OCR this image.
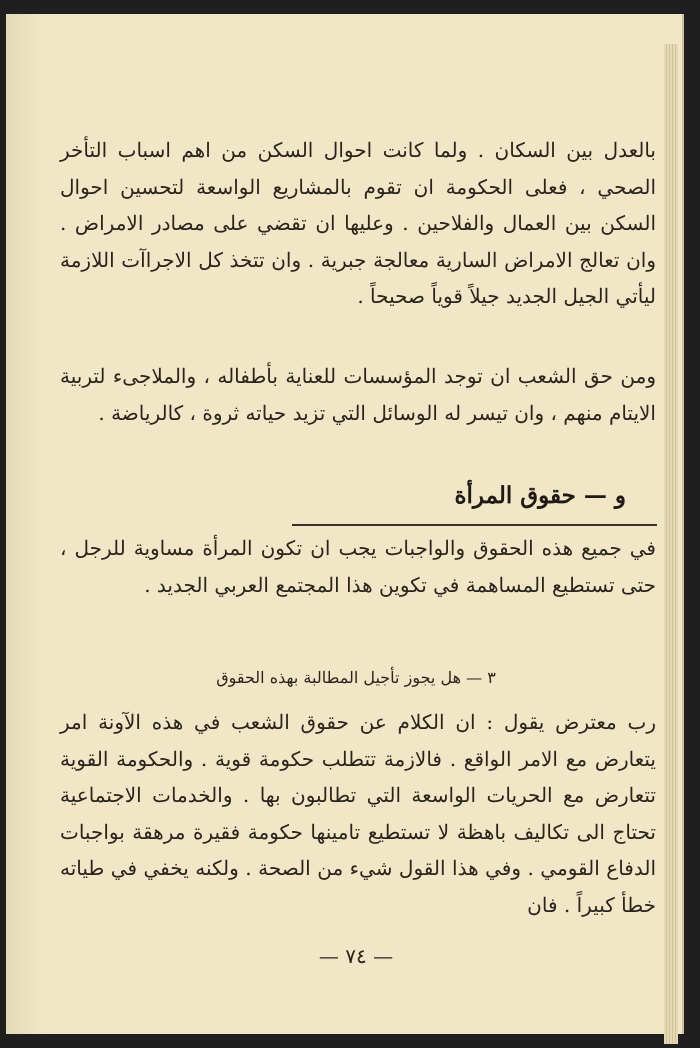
بالعدل بين السكان . ولما كانت احوال السكن من اهم اسباب التأخر الصحي ، فعلى الحكومة ان تقوم بالمشاريع الواسعة لتحسين احوال السكن بين العمال والفلاحين . وعليها ان تقضي على مصادر الامراض . وان تعالج الامراض السارية معالجة جبرية . وان تتخذ كل الاجراآت اللازمة ليأتي الجيل الجديد جيلاً قوياً صحيحاً .

ومن حق الشعب ان توجد المؤسسات للعناية بأطفاله ، والملاجىء لتربية الايتام منهم ، وان تيسر له الوسائل التي تزيد حياته ثروة ، كالرياضة .

و — حقوق المرأة

في جميع هذه الحقوق والواجبات يجب ان تكون المرأة مساوية للرجل ، حتى تستطيع المساهمة في تكوين هذا المجتمع العربي الجديد .

٣ — هل يجوز تأجيل المطالبة بهذه الحقوق

رب معترض يقول : ان الكلام عن حقوق الشعب في هذه الآونة امر يتعارض مع الامر الواقع . فالازمة تتطلب حكومة قوية . والحكومة القوية تتعارض مع الحريات الواسعة التي تطالبون بها . والخدمات الاجتماعية تحتاج الى تكاليف باهظة لا تستطيع تامينها حكومة فقيرة مرهقة بواجبات الدفاع القومي . وفي هذا القول شيء من الصحة . ولكنه يخفي في طياته خطأ كبيراً . فان

— ٧٤ —
